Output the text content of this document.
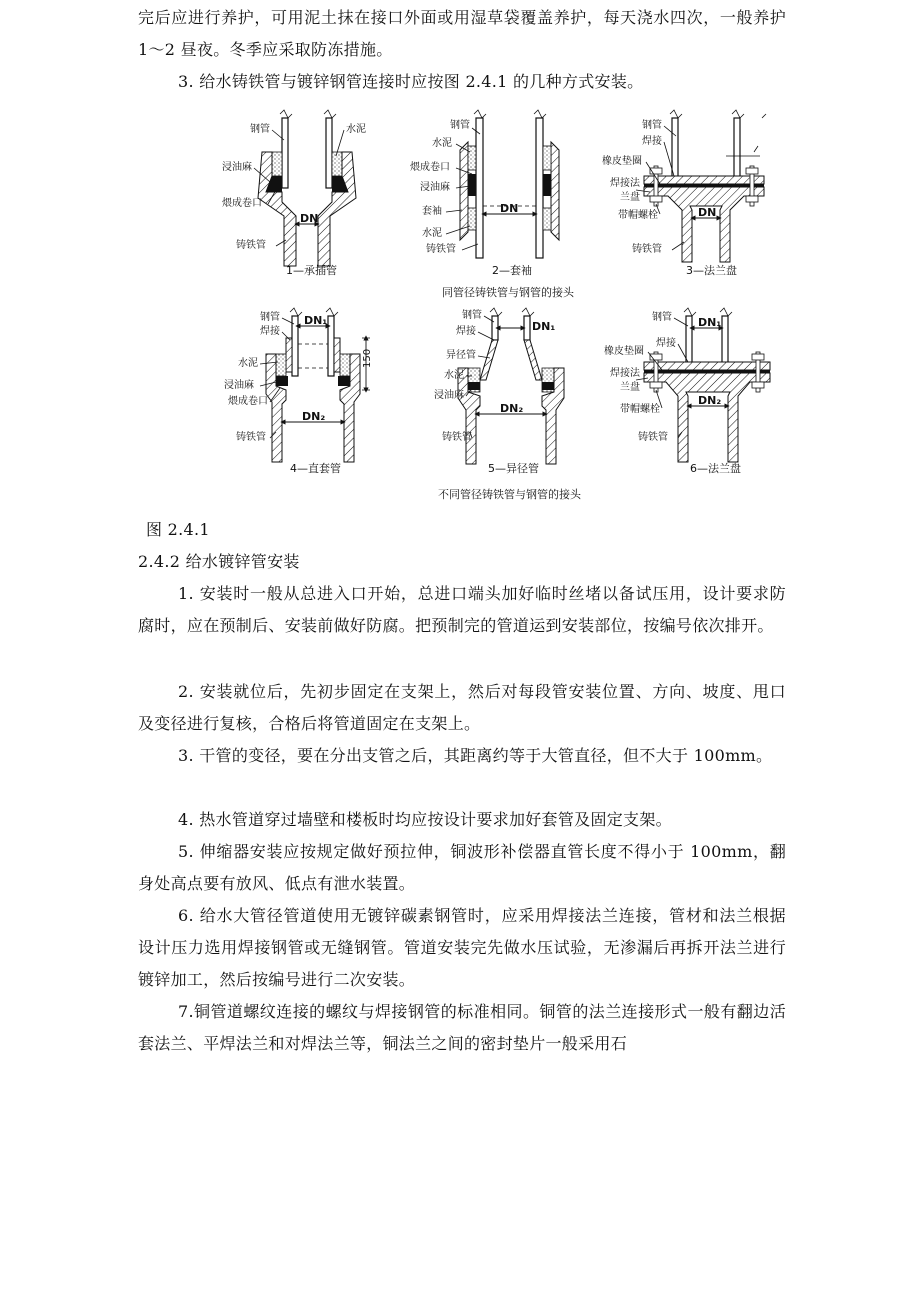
完后应进行养护，可用泥土抹在接口外面或用湿草袋覆盖养护，每天浇水四次，一般养护 1～2 昼夜。冬季应采取防冻措施。

3. 给水铸铁管与镀锌钢管连接时应按图 2.4.1 的几种方式安装。

DN
钢管	水泥
浸油麻
煨成卷口
铸铁管
1—承插管
DN
钢管
水泥
煨成卷口
浸油麻
套袖
水泥
铸铁管
2—套袖
DN
钢管
焊接
橡皮垫圈
焊接法
兰盘
带帽螺栓
铸铁管
3—法兰盘
同管径铸铁管与钢管的接头
DN₁
DN₂
150
钢管
焊接
水泥
浸油麻
煨成卷口
铸铁管
4—直套管
DN₁
DN₂
钢管
焊接
异径管
水泥
浸油麻
铸铁管
5—异径管
DN₁
DN₂
钢管
橡皮垫圈
焊接
焊接法
兰盘
带帽螺栓
铸铁管
6—法兰盘
不同管径铸铁管与钢管的接头

图 2.4.1

2.4.2 给水镀锌管安装

1. 安装时一般从总进入口开始，总进口端头加好临时丝堵以备试压用，设计要求防腐时，应在预制后、安装前做好防腐。把预制完的管道运到安装部位，按编号依次排开。

2. 安装就位后，先初步固定在支架上，然后对每段管安装位置、方向、坡度、甩口及变径进行复核，合格后将管道固定在支架上。

3. 干管的变径，要在分出支管之后，其距离约等于大管直径，但不大于 100mm。

4. 热水管道穿过墙壁和楼板时均应按设计要求加好套管及固定支架。

5. 伸缩器安装应按规定做好预拉伸，铜波形补偿器直管长度不得小于 100mm，翻身处高点要有放风、低点有泄水装置。

6. 给水大管径管道使用无镀锌碳素钢管时，应采用焊接法兰连接，管材和法兰根据设计压力选用焊接钢管或无缝钢管。管道安装完先做水压试验，无渗漏后再拆开法兰进行镀锌加工，然后按编号进行二次安装。

7.铜管道螺纹连接的螺纹与焊接钢管的标准相同。铜管的法兰连接形式一般有翻边活套法兰、平焊法兰和对焊法兰等，铜法兰之间的密封垫片一般采用石
